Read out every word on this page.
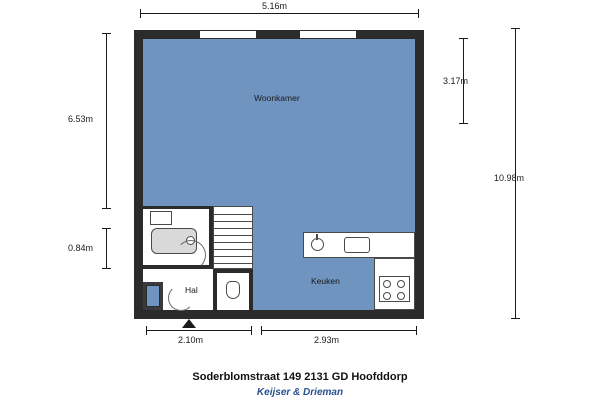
5.16m
6.53m
0.84m
3.17m
10.98m
2.10m	2.93m
Woonkamer
Hal
Keuken
Soderblomstraat 149 2131 GD Hoofddorp
Keijser & Drieman
